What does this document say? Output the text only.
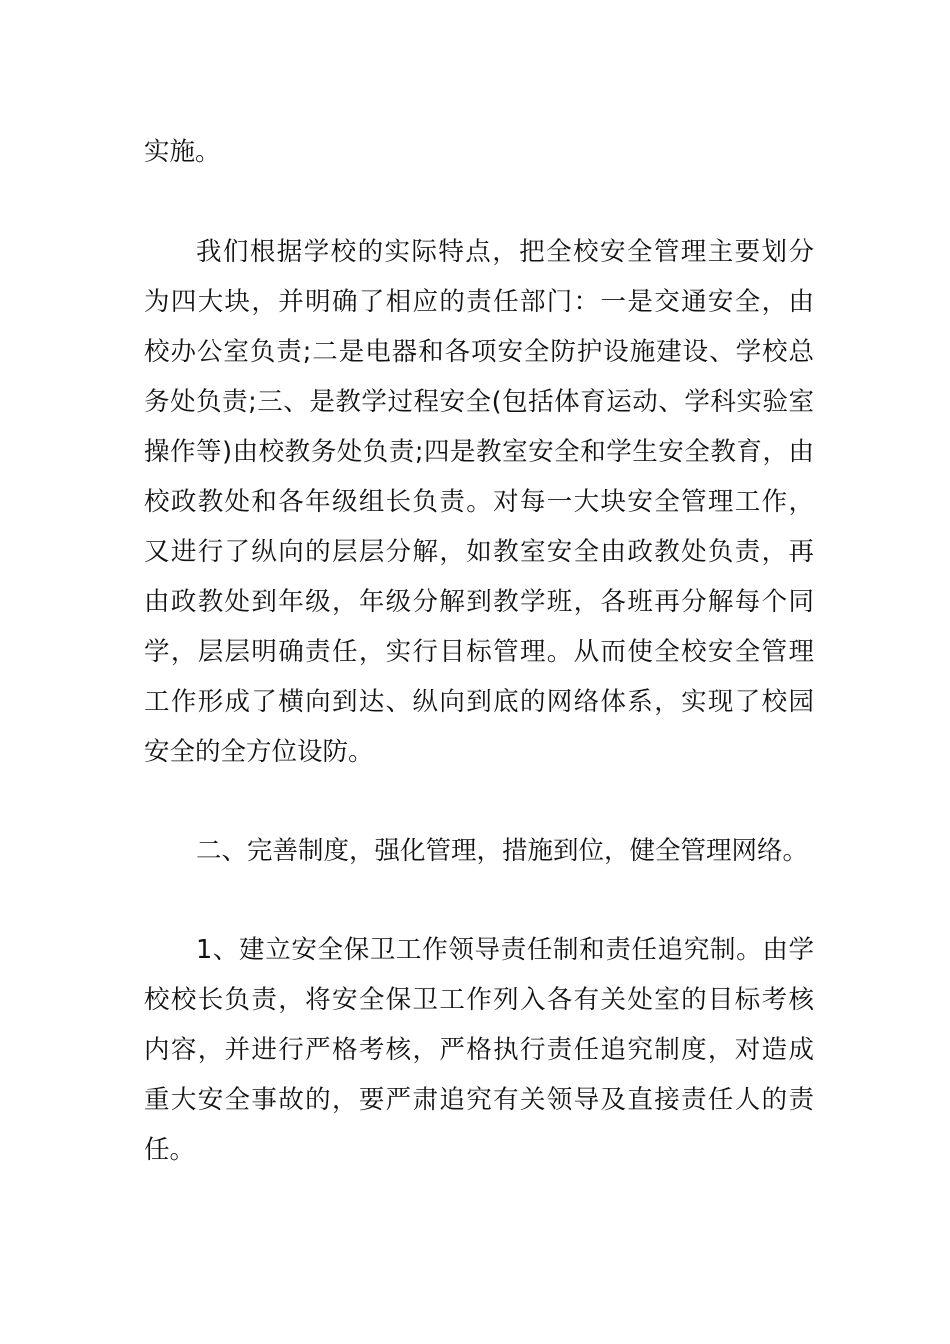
实施。
我们根据学校的实际特点，把全校安全管理主要划分
为四大块，并明确了相应的责任部门：一是交通安全，由
校办公室负责;二是电器和各项安全防护设施建设、学校总
务处负责;三、是教学过程安全(包括体育运动、学科实验室
操作等)由校教务处负责;四是教室安全和学生安全教育，由
校政教处和各年级组长负责。对每一大块安全管理工作，
又进行了纵向的层层分解，如教室安全由政教处负责，再
由政教处到年级，年级分解到教学班，各班再分解每个同
学，层层明确责任，实行目标管理。从而使全校安全管理
工作形成了横向到达、纵向到底的网络体系，实现了校园
安全的全方位设防。
二、完善制度，强化管理，措施到位，健全管理网络。
1、建立安全保卫工作领导责任制和责任追究制。由学
校校长负责，将安全保卫工作列入各有关处室的目标考核
内容，并进行严格考核，严格执行责任追究制度，对造成
重大安全事故的，要严肃追究有关领导及直接责任人的责
任。
